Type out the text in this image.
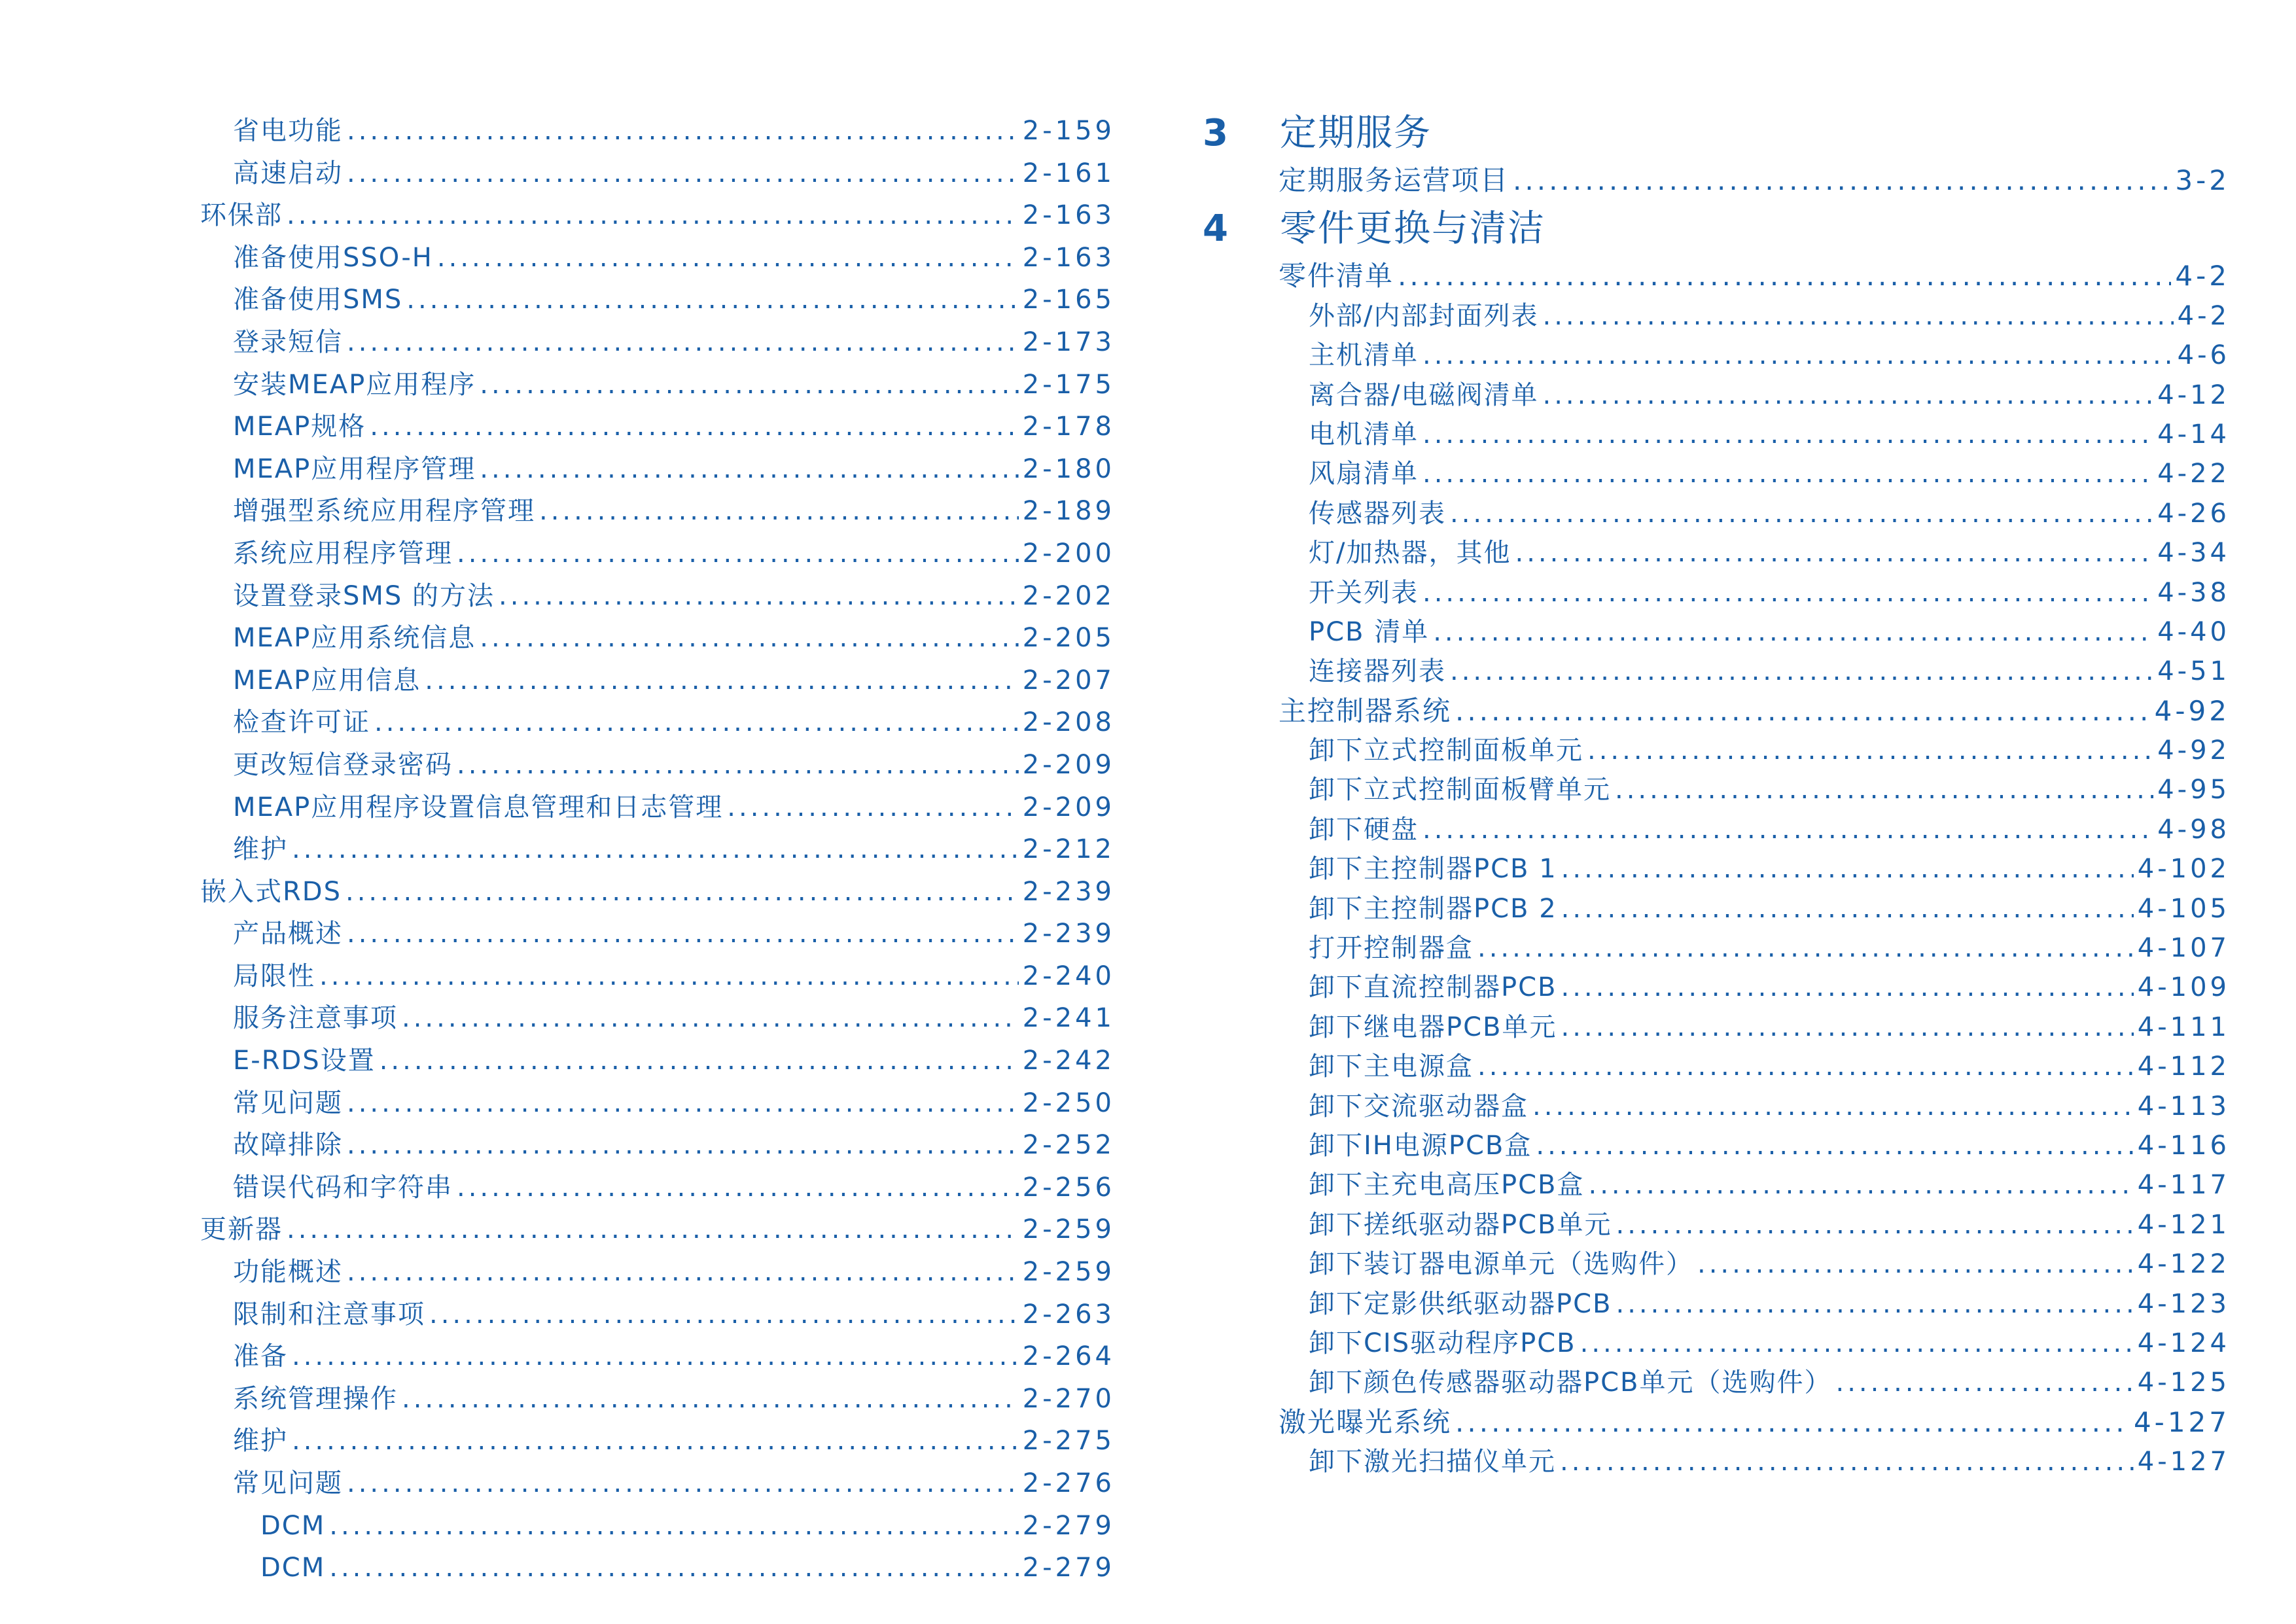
省电功能 .....	2-159
高速启动 .....	2-161
环保部 .....	2-163
准备使用SSO-H .....	2-163
准备使用SMS .....	2-165
登录短信 .....	2-173
安装MEAP应用程序 .....	2-175
MEAP规格 .....	2-178
MEAP应用程序管理 .....	2-180
增强型系统应用程序管理 .....	2-189
系统应用程序管理 .....	2-200
设置登录SMS 的方法 .....	2-202
MEAP应用系统信息 .....	2-205
MEAP应用信息 .....	2-207
检查许可证 .....	2-208
更改短信登录密码 .....	2-209
MEAP应用程序设置信息管理和日志管理 .....	2-209
维护 .....	2-212
嵌入式RDS .....	2-239
产品概述 .....	2-239
局限性 .....	2-240
服务注意事项 .....	2-241
E-RDS设置 .....	2-242
常见问题 .....	2-250
故障排除 .....	2-252
错误代码和字符串 .....	2-256
更新器 .....	2-259
功能概述 .....	2-259
限制和注意事项 .....	2-263
准备 .....	2-264
系统管理操作 .....	2-270
维护 .....	2-275
常见问题 .....	2-276
DCM .....	2-279
DCM .....	2-279
3	定期服务
定期服务运营项目 .....	3-2
4	零件更换与清洁
零件清单 .....	4-2
外部/内部封面列表 .....	4-2
主机清单 .....	4-6
离合器/电磁阀清单 .....	4-12
电机清单 .....	4-14
风扇清单 .....	4-22
传感器列表 .....	4-26
灯/加热器，其他 .....	4-34
开关列表 .....	4-38
PCB 清单 .....	4-40
连接器列表 .....	4-51
主控制器系统 .....	4-92
卸下立式控制面板单元 .....	4-92
卸下立式控制面板臂单元 .....	4-95
卸下硬盘 .....	4-98
卸下主控制器PCB 1 .....	4-102
卸下主控制器PCB 2 .....	4-105
打开控制器盒 .....	4-107
卸下直流控制器PCB .....	4-109
卸下继电器PCB单元 .....	4-111
卸下主电源盒 .....	4-112
卸下交流驱动器盒 .....	4-113
卸下IH电源PCB盒 .....	4-116
卸下主充电高压PCB盒 .....	4-117
卸下搓纸驱动器PCB单元 .....	4-121
卸下装订器电源单元（选购件） .....	4-122
卸下定影供纸驱动器PCB .....	4-123
卸下CIS驱动程序PCB .....	4-124
卸下颜色传感器驱动器PCB单元（选购件） .....	4-125
激光曝光系统 .....	4-127
卸下激光扫描仪单元 .....	4-127
